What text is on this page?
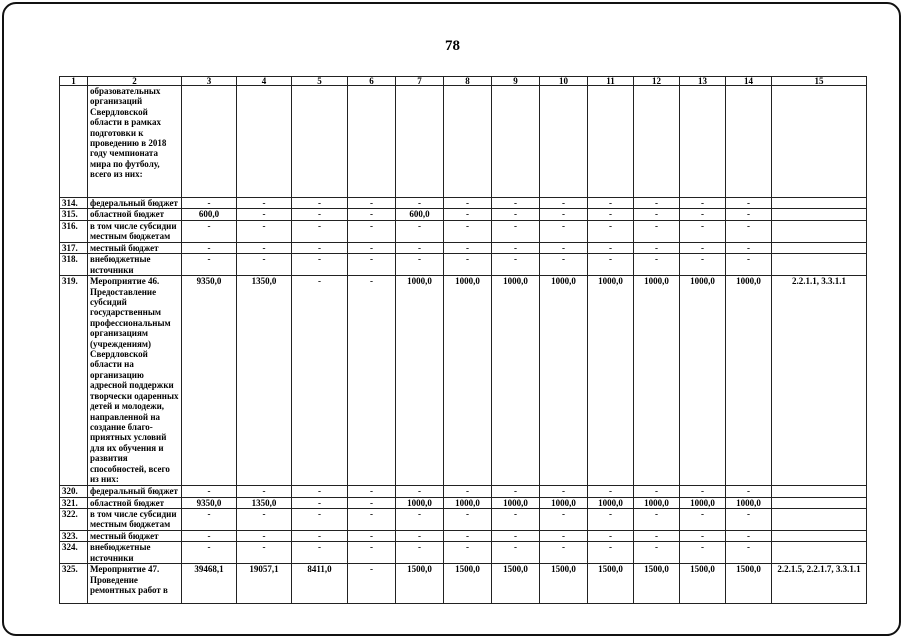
78
1	2	3	4	5	6	7	8	9	10	11	12	13	14	15
	образовательных организаций Свердловской области в рамках подготовки к проведению в 2018 году чемпионата мира по футболу, всего из них:													
314.	федеральный бюджет	-	-	-	-	-	-	-	-	-	-	-	-	
315.	областной бюджет	600,0	-	-	-	600,0	-	-	-	-	-	-	-	
316.	в том числе субсидии местным бюджетам	-	-	-	-	-	-	-	-	-	-	-	-	
317.	местный бюджет	-	-	-	-	-	-	-	-	-	-	-	-	
318.	внебюджетные источники	-	-	-	-	-	-	-	-	-	-	-	-	
319.	Мероприятие 46. Предоставление субсидий государственным профессиональным организациям (учреждениям) Свердловской области на организацию адресной поддержки творчески одаренных детей и молодежи, направленной на создание благо-приятных условий для их обучения и развития способностей, всего из них:	9350,0	1350,0	-	-	1000,0	1000,0	1000,0	1000,0	1000,0	1000,0	1000,0	1000,0	2.2.1.1, 3.3.1.1
320.	федеральный бюджет	-	-	-	-	-	-	-	-	-	-	-	-	
321.	областной бюджет	9350,0	1350,0	-	-	1000,0	1000,0	1000,0	1000,0	1000,0	1000,0	1000,0	1000,0	
322.	в том числе субсидии местным бюджетам	-	-	-	-	-	-	-	-	-	-	-	-	
323.	местный бюджет	-	-	-	-	-	-	-	-	-	-	-	-	
324.	внебюджетные источники	-	-	-	-	-	-	-	-	-	-	-	-	
325.	Мероприятие 47. Проведение ремонтных работ в	39468,1	19057,1	8411,0	-	1500,0	1500,0	1500,0	1500,0	1500,0	1500,0	1500,0	1500,0	2.2.1.5, 2.2.1.7, 3.3.1.1
